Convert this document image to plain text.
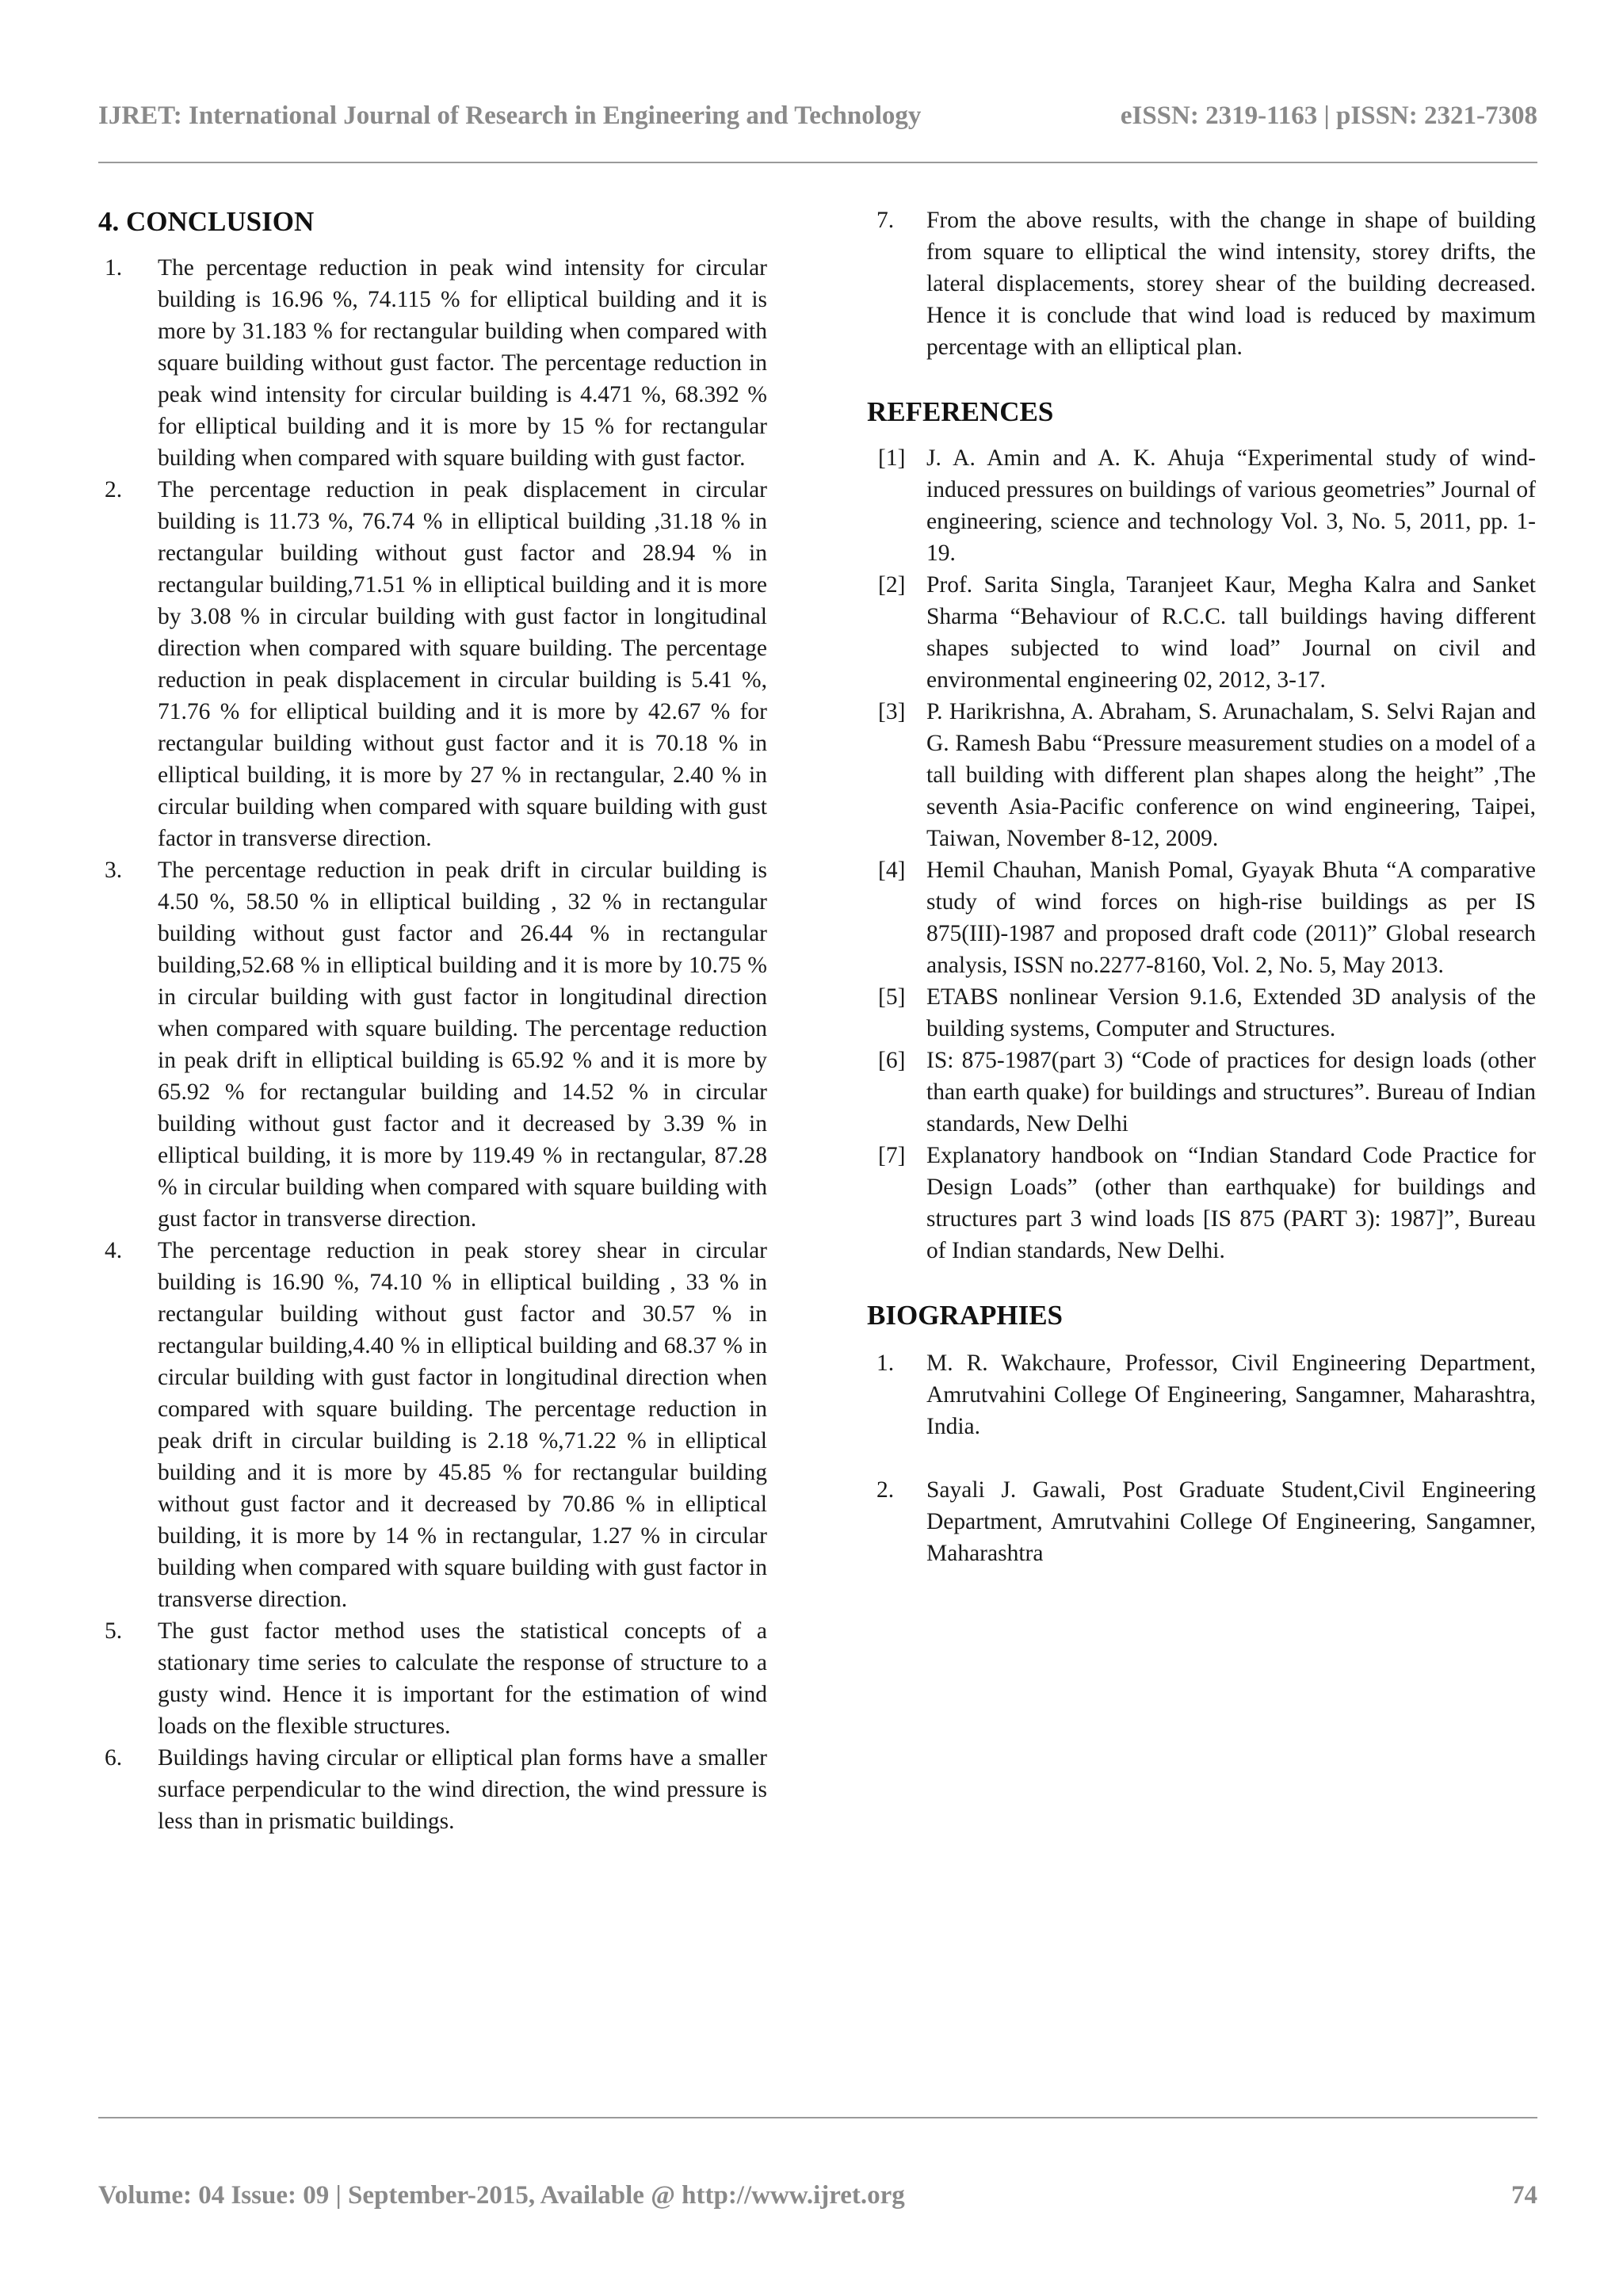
IJRET: International Journal of Research in Engineering and Technology	eISSN: 2319-1163 | pISSN: 2321-7308
4. CONCLUSION
1.	The percentage reduction in peak wind intensity for circular building is 16.96 %, 74.115 % for elliptical building and it is more by 31.183 % for rectangular building when compared with square building without gust factor. The percentage reduction in peak wind intensity for circular building is 4.471 %, 68.392 % for elliptical building and it is more by 15 % for rectangular building when compared with square building with gust factor.
2.	The percentage reduction in peak displacement in circular building is 11.73 %, 76.74 % in elliptical building ,31.18 % in rectangular building without gust factor and 28.94 % in rectangular building,71.51 % in elliptical building and it is more by 3.08 % in circular building with gust factor in longitudinal direction when compared with square building. The percentage reduction in peak displacement in circular building is 5.41 %, 71.76 % for elliptical building and it is more by 42.67 % for rectangular building without gust factor and it is 70.18 % in elliptical building, it is more by 27 % in rectangular, 2.40 % in circular building when compared with square building with gust factor in transverse direction.
3.	The percentage reduction in peak drift in circular building is 4.50 %, 58.50 % in elliptical building , 32 % in rectangular building without gust factor and 26.44 % in rectangular building,52.68 % in elliptical building and it is more by 10.75 % in circular building with gust factor in longitudinal direction when compared with square building. The percentage reduction in peak drift in elliptical building is 65.92 % and it is more by 65.92 % for rectangular building and 14.52 % in circular building without gust factor and it decreased by 3.39 % in elliptical building, it is more by 119.49 % in rectangular, 87.28 % in circular building when compared with square building with gust factor in transverse direction.
4.	The percentage reduction in peak storey shear in circular building is 16.90 %, 74.10 % in elliptical building , 33 % in rectangular building without gust factor and 30.57 % in rectangular building,4.40 % in elliptical building and 68.37 % in circular building with gust factor in longitudinal direction when compared with square building. The percentage reduction in peak drift in circular building is 2.18 %,71.22 % in elliptical building and it is more by 45.85 % for rectangular building without gust factor and it decreased by 70.86 % in elliptical building, it is more by 14 % in rectangular, 1.27 % in circular building when compared with square building with gust factor in transverse direction.
5.	The gust factor method uses the statistical concepts of a stationary time series to calculate the response of structure to a gusty wind. Hence it is important for the estimation of wind loads on the flexible structures.
6.	Buildings having circular or elliptical plan forms have a smaller surface perpendicular to the wind direction, the wind pressure is less than in prismatic buildings.
7.	From the above results, with the change in shape of building from square to elliptical the wind intensity, storey drifts, the lateral displacements, storey shear of the building decreased. Hence it is conclude that wind load is reduced by maximum percentage with an elliptical plan.
REFERENCES
[1] J. A. Amin and A. K. Ahuja “Experimental study of wind-induced pressures on buildings of various geometries” Journal of engineering, science and technology Vol. 3, No. 5, 2011, pp. 1-19.
[2] Prof. Sarita Singla, Taranjeet Kaur, Megha Kalra and Sanket Sharma “Behaviour of R.C.C. tall buildings having different shapes subjected to wind load” Journal on civil and environmental engineering 02, 2012, 3-17.
[3] P. Harikrishna, A. Abraham, S. Arunachalam, S. Selvi Rajan and G. Ramesh Babu “Pressure measurement studies on a model of a tall building with different plan shapes along the height” ,The seventh Asia-Pacific conference on wind engineering, Taipei, Taiwan, November 8-12, 2009.
[4] Hemil Chauhan, Manish Pomal, Gyayak Bhuta “A comparative study of wind forces on high-rise buildings as per IS 875(III)-1987 and proposed draft code (2011)” Global research analysis, ISSN no.2277-8160, Vol. 2, No. 5, May 2013.
[5] ETABS nonlinear Version 9.1.6, Extended 3D analysis of the building systems, Computer and Structures.
[6] IS: 875-1987(part 3) “Code of practices for design loads (other than earth quake) for buildings and structures”. Bureau of Indian standards, New Delhi
[7] Explanatory handbook on “Indian Standard Code Practice for Design Loads” (other than earthquake) for buildings and structures part 3 wind loads [IS 875 (PART 3): 1987]”, Bureau of Indian standards, New Delhi.
BIOGRAPHIES
1.	M. R. Wakchaure, Professor, Civil Engineering Department, Amrutvahini College Of Engineering, Sangamner, Maharashtra, India.
2.	Sayali J. Gawali, Post Graduate Student,Civil Engineering Department, Amrutvahini College Of Engineering, Sangamner, Maharashtra
Volume: 04 Issue: 09 | September-2015, Available @ http://www.ijret.org	74
